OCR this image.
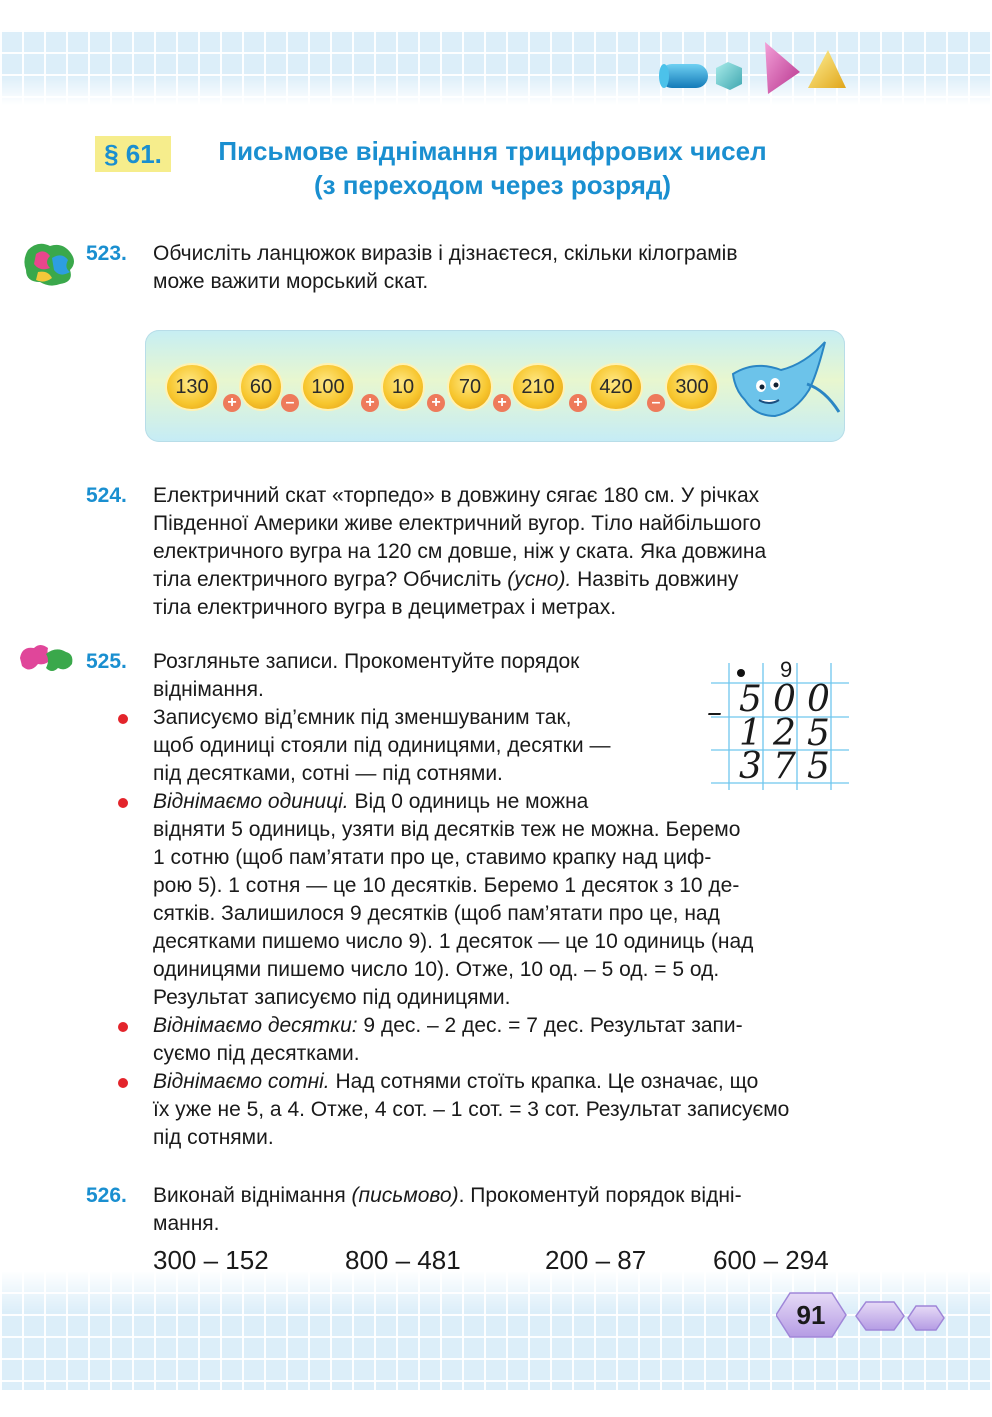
§ 61.	Письмове віднімання трицифрових чисел
(з переходом через розряд)
523. Обчисліть ланцюжок виразів і дізнаєтеся, скільки кілограмів
може важити морський скат.
130
+
60
–
100
+
10
+
70
+
210
+
420
–
300
524. Електричний скат «торпедо» в довжину сягає 180 см. У річках
Південної Америки живе електричний вугор. Тіло найбільшого
електричного вугра на 120 см довше, ніж у ската. Яка довжина
тіла електричного вугра? Обчисліть (усно). Назвіть довжину
тіла електричного вугра в дециметрах і метрах.
525. Розгляньте записи. Прокоментуйте порядок
віднімання.
Записуємо від’ємник під зменшуваним так,
щоб одиниці стояли під одиницями, десятки —
під десятками, сотні — під сотнями.
Віднімаємо одиниці. Від 0 одиниць не можна
відняти 5 одиниць, узяти від десятків теж не можна. Беремо
1 сотню (щоб пам’ятати про це, ставимо крапку над циф-
рою 5). 1 сотня — це 10 десятків. Беремо 1 десяток з 10 де-
сятків. Залишилося 9 десятків (щоб пам’ятати про це, над
десятками пишемо число 9). 1 десяток — це 10 одиниць (над
одиницями пишемо число 10). Отже, 10 од. – 5 од. = 5 од.
Результат записуємо під одиницями.
Віднімаємо десятки: 9 дес. – 2 дес. = 7 дес. Результат запи-
суємо під десятками.
Віднімаємо сотні. Над сотнями стоїть крапка. Це означає, що
їх уже не 5, а 4. Отже, 4 сот. – 1 сот. = 3 сот. Результат записуємо
під сотнями.
9
– 5 0 0
1 2 5
3 7 5
526. Виконай віднімання (письмово). Прокоментуй порядок відні-
мання.
300 – 152	800 – 481	200 – 87	600 – 294
91
